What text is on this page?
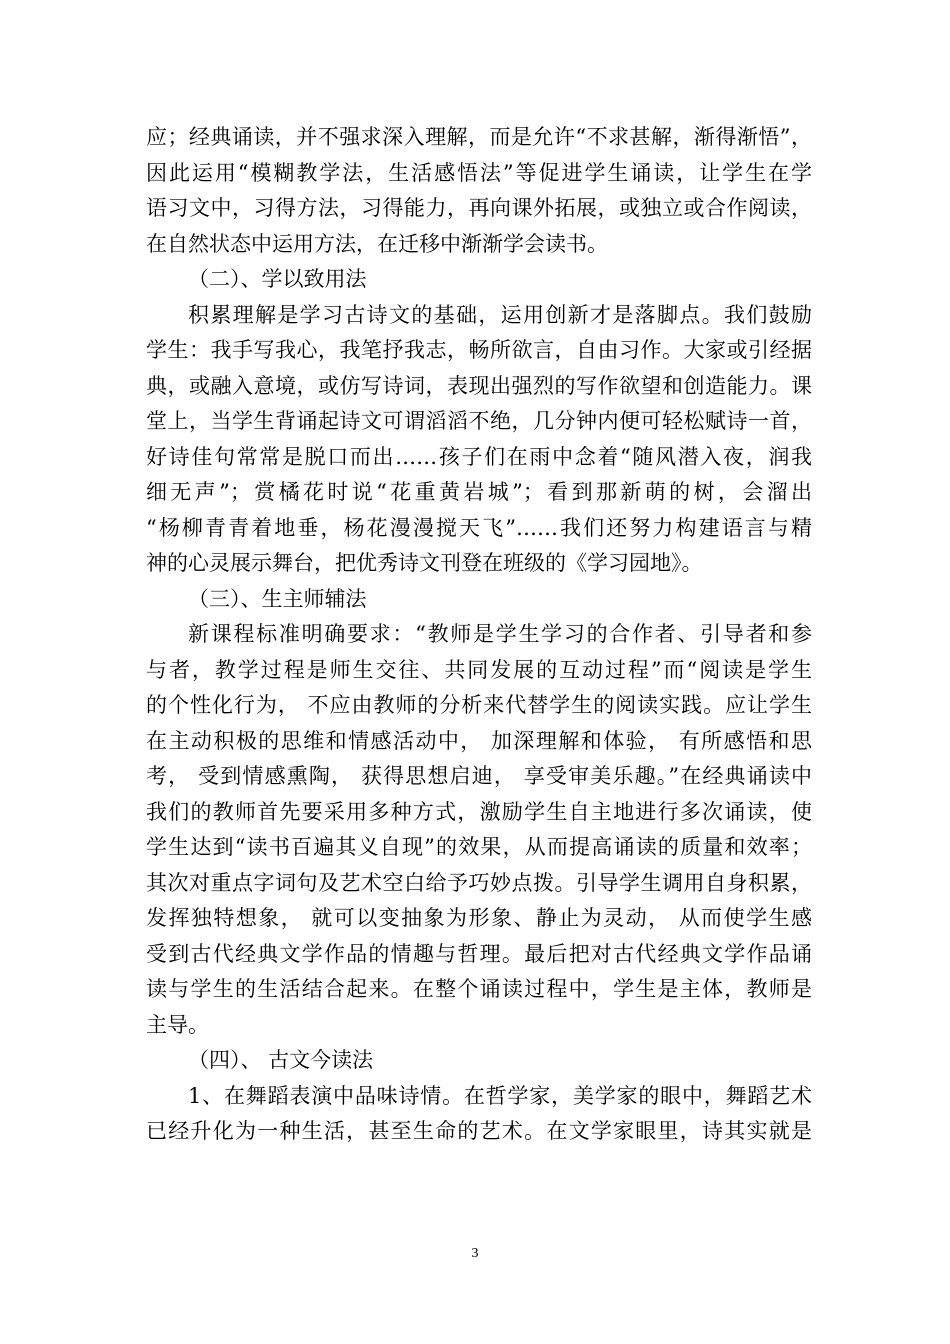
应；经典诵读，并不强求深入理解，而是允许“不求甚解，渐得渐悟”，
因此运用“模糊教学法，生活感悟法”等促进学生诵读，让学生在学
语习文中，习得方法，习得能力，再向课外拓展，或独立或合作阅读，
在自然状态中运用方法，在迁移中渐渐学会读书。
（二）、学以致用法
积累理解是学习古诗文的基础，运用创新才是落脚点。我们鼓励
学生：我手写我心，我笔抒我志，畅所欲言，自由习作。大家或引经据
典，或融入意境，或仿写诗词，表现出强烈的写作欲望和创造能力。课
堂上，当学生背诵起诗文可谓滔滔不绝，几分钟内便可轻松赋诗一首，
好诗佳句常常是脱口而出……孩子们在雨中念着“随风潜入夜，润我
细无声”；赏橘花时说“花重黄岩城”；看到那新萌的树，会溜出
“杨柳青青着地垂，杨花漫漫搅天飞”……我们还努力构建语言与精
神的心灵展示舞台，把优秀诗文刊登在班级的《学习园地》。
（三）、生主师辅法
新课程标准明确要求：“教师是学生学习的合作者、引导者和参
与者，教学过程是师生交往、共同发展的互动过程”而“阅读是学生
的个性化行为， 不应由教师的分析来代替学生的阅读实践。应让学生
在主动积极的思维和情感活动中， 加深理解和体验， 有所感悟和思
考， 受到情感熏陶， 获得思想启迪， 享受审美乐趣。”在经典诵读中
我们的教师首先要采用多种方式，激励学生自主地进行多次诵读，使
学生达到“读书百遍其义自现”的效果，从而提高诵读的质量和效率；
其次对重点字词句及艺术空白给予巧妙点拨。引导学生调用自身积累，
发挥独特想象， 就可以变抽象为形象、静止为灵动， 从而使学生感
受到古代经典文学作品的情趣与哲理。最后把对古代经典文学作品诵
读与学生的生活结合起来。在整个诵读过程中，学生是主体，教师是
主导。
（四）、 古文今读法
1、在舞蹈表演中品味诗情。在哲学家，美学家的眼中，舞蹈艺术
已经升化为一种生活，甚至生命的艺术。在文学家眼里，诗其实就是
3
